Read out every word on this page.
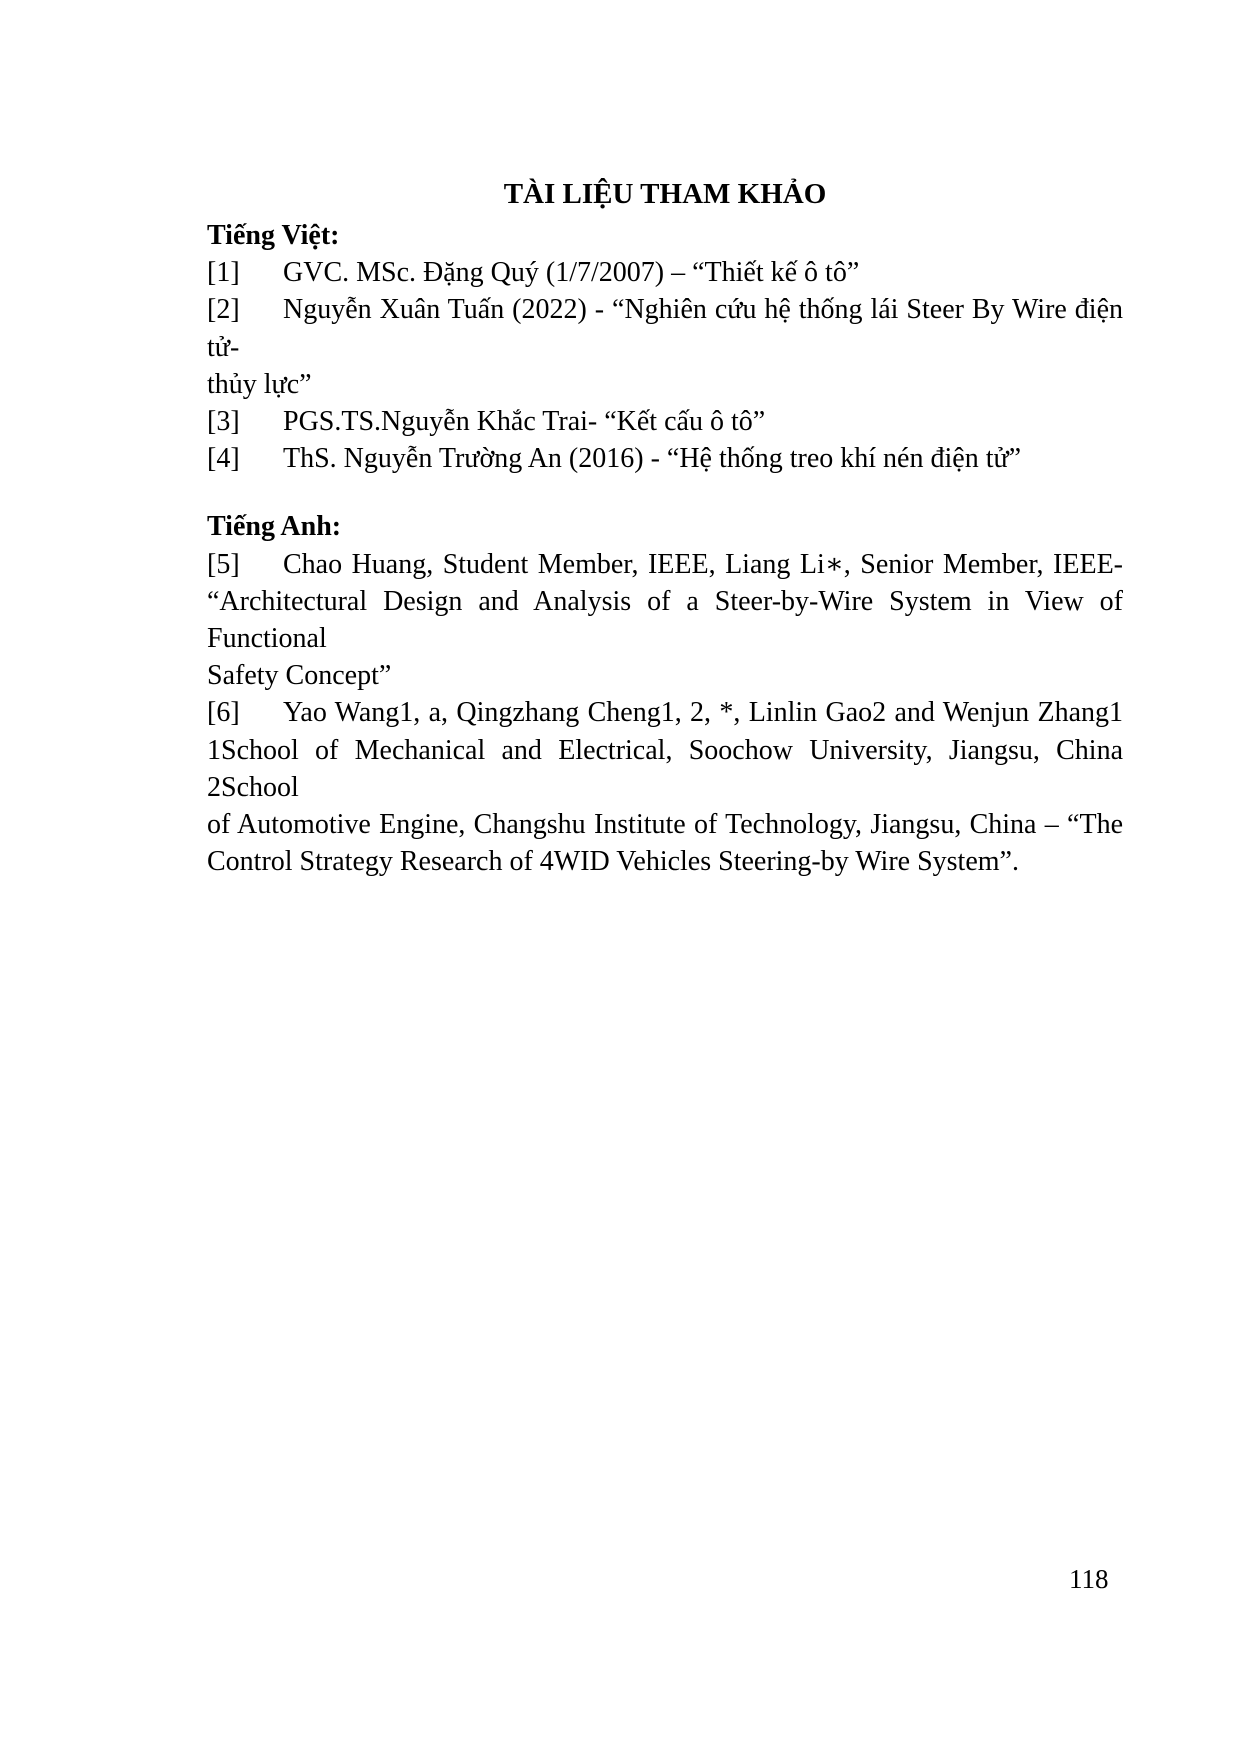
TÀI LIỆU THAM KHẢO
Tiếng Việt:
[1] GVC. MSc. Đặng Quý (1/7/2007) – “Thiết kế ô tô”
[2] Nguyễn Xuân Tuấn (2022) - “Nghiên cứu hệ thống lái Steer By Wire điện tử-
thủy lực”
[3] PGS.TS.Nguyễn Khắc Trai- “Kết cấu ô tô”
[4] ThS. Nguyễn Trường An (2016) - “Hệ thống treo khí nén điện tử”
Tiếng Anh:
[5] Chao Huang, Student Member, IEEE, Liang Li∗, Senior Member, IEEE-
“Architectural Design and Analysis of a Steer-by-Wire System in View of Functional
Safety Concept”
[6] Yao Wang1, a, Qingzhang Cheng1, 2, *, Linlin Gao2 and Wenjun Zhang1
1School of Mechanical and Electrical, Soochow University, Jiangsu, China 2School
of Automotive Engine, Changshu Institute of Technology, Jiangsu, China – “The
Control Strategy Research of 4WID Vehicles Steering-by Wire System”.
118
